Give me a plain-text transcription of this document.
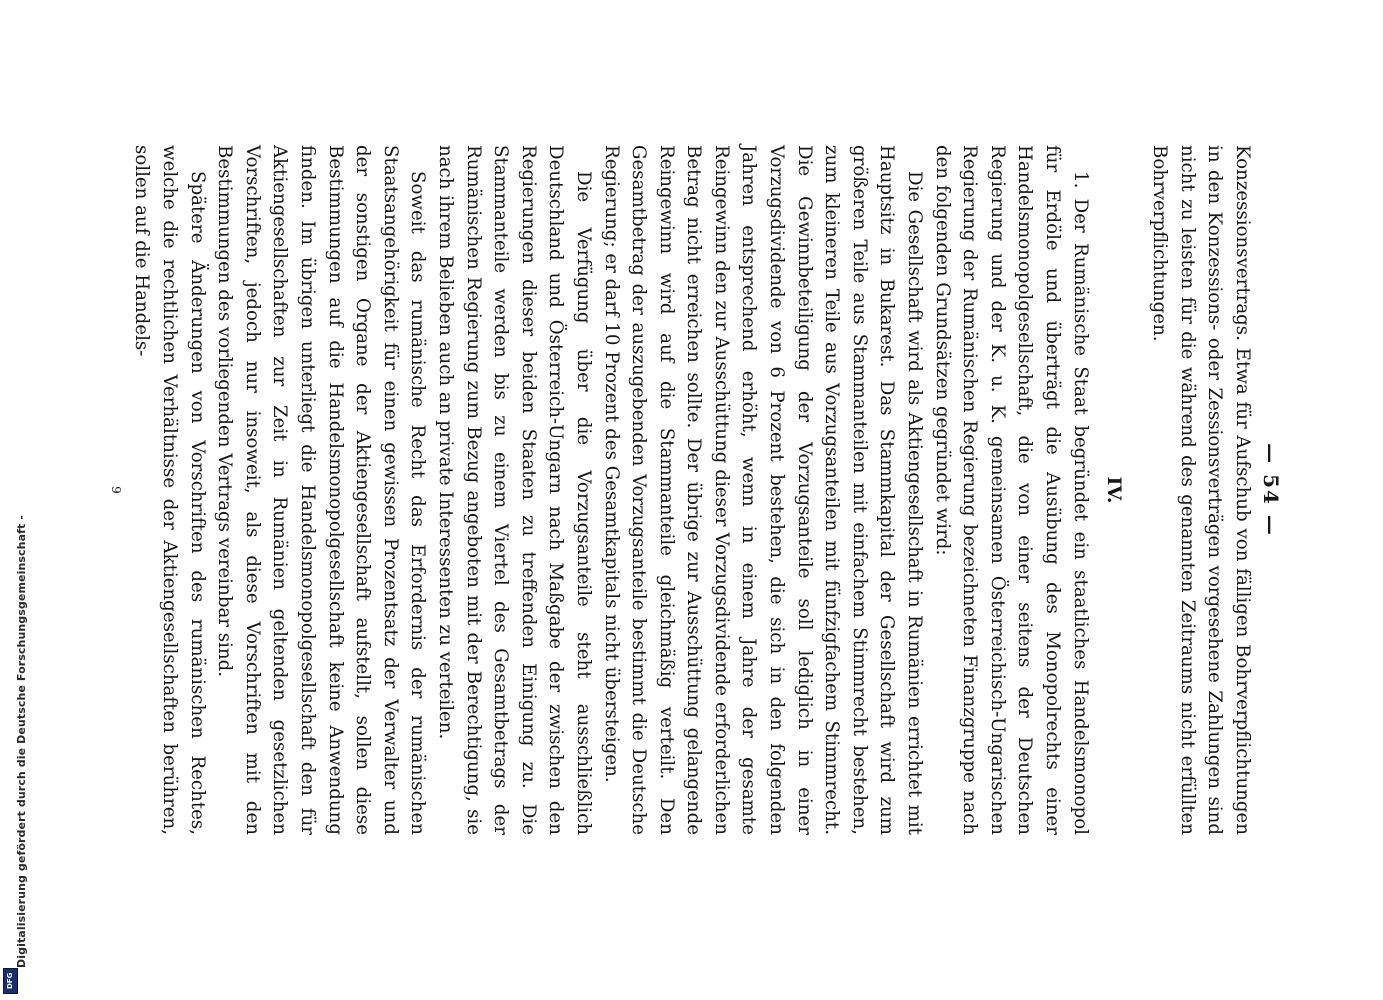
Digitalisierung gefördert durch die Deutsche Forschungsgemeinschaft -
DFG
— 54 —

Konzessionsvertrags. Etwa für Aufschub von fälligen Bohrverpflichtungen in den Konzessions- oder Zessionsverträgen vorgesehene Zahlungen sind nicht zu leisten für die während des genannten Zeitraums nicht erfüllten Bohrverpflichtungen.

IV.

1. Der Rumänische Staat begründet ein staatliches Handelsmonopol für Erdöle und überträgt die Ausübung des Monopolrechts einer Handelsmonopolgesellschaft, die von einer seitens der Deutschen Regierung und der K. u. K. gemeinsamen Österreichisch-Ungarischen Regierung der Rumänischen Regierung bezeichneten Finanzgruppe nach den folgenden Grundsätzen gegründet wird:

Die Gesellschaft wird als Aktiengesellschaft in Rumänien errichtet mit Hauptsitz in Bukarest. Das Stammkapital der Gesellschaft wird zum größeren Teile aus Stammanteilen mit einfachem Stimmrecht bestehen, zum kleineren Teile aus Vorzugsanteilen mit fünfzigfachem Stimmrecht. Die Gewinnbeteiligung der Vorzugsanteile soll lediglich in einer Vorzugsdividende von 6 Prozent bestehen, die sich in den folgenden Jahren entsprechend erhöht, wenn in einem Jahre der gesamte Reingewinn den zur Ausschüttung dieser Vorzugsdividende erforderlichen Betrag nicht erreichen sollte. Der übrige zur Ausschüttung gelangende Reingewinn wird auf die Stammanteile gleichmäßig verteilt. Den Gesamtbetrag der auszugebenden Vorzugsanteile bestimmt die Deutsche Regierung; er darf 10 Prozent des Gesamtkapitals nicht übersteigen.

Die Verfügung über die Vorzugsanteile steht ausschließlich Deutschland und Österreich-Ungarn nach Maßgabe der zwischen den Regierungen dieser beiden Staaten zu treffenden Einigung zu. Die Stammanteile werden bis zu einem Viertel des Gesamtbetrags der Rumänischen Regierung zum Bezug angeboten mit der Berechtigung, sie nach ihrem Belieben auch an private Interessenten zu verteilen.

Soweit das rumänische Recht das Erfordernis der rumänischen Staatsangehörigkeit für einen gewissen Prozentsatz der Verwalter und der sonstigen Organe der Aktiengesellschaft aufstellt, sollen diese Bestimmungen auf die Handelsmonopolgesellschaft keine Anwendung finden. Im übrigen unterliegt die Handelsmonopolgesellschaft den für Aktiengesellschaften zur Zeit in Rumänien geltenden gesetzlichen Vorschriften, jedoch nur insoweit, als diese Vorschriften mit den Bestimmungen des vorliegenden Vertrags vereinbar sind.

Spätere Änderungen von Vorschriften des rumänischen Rechtes, welche die rechtlichen Verhältnisse der Aktiengesellschaften berühren, sollen auf die Handels-

9
